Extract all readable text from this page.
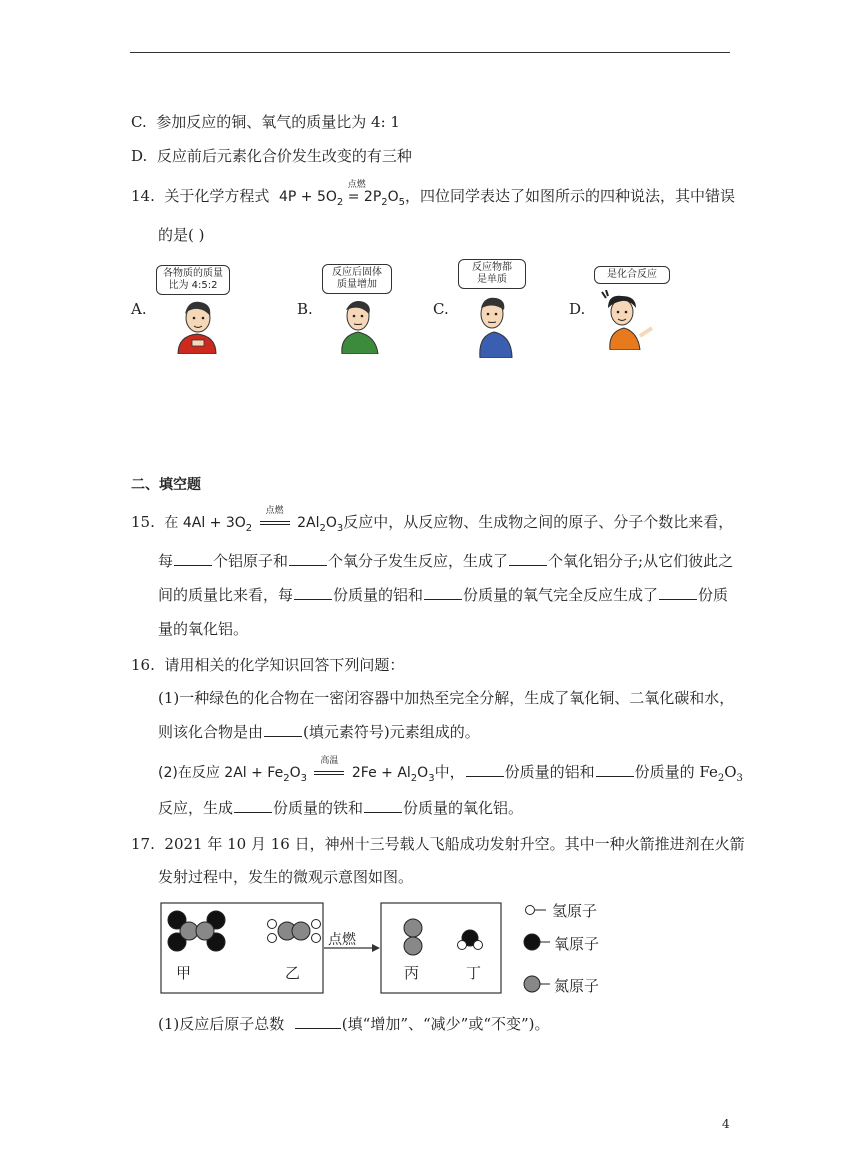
C. 参加反应的铜、氧气的质量比为 4: 1
D. 反应前后元素化合价发生改变的有三种
14. 关于化学方程式 $4P + 5O_2$ =
点燃
$2P_2O_5$，四位同学表达了如图所示的四种说法，其中错误
的是( )
A.	B.	C.	D.
各物质的质量
比为 4:5:2
反应后固体
质量增加
反应物都
是单质	是化合反应
二、填空题
15. 在 $4Al + 3O_2$
点燃
$2Al_2O_3$反应中，从反应物、生成物之间的原子、分子个数比来看，
每	个铝原子和	个氧分子发生反应，生成了	个氧化铝分子;从它们彼此之
间的质量比来看，每	份质量的铝和	份质量的氧气完全反应生成了	份质
量的氧化铝。
16. 请用相关的化学知识回答下列问题：
(1)一种绿色的化合物在一密闭容器中加热至完全分解，生成了氧化铜、二氧化碳和水，
则该化合物是由	(填元素符号)元素组成的。
(2)在反应 $2Al + Fe_2O_3$
高温
$2Fe + Al_2O_3$中，	份质量的铝和	份质量的 $Fe_2O_3$
反应，生成	份质量的铁和	份质量的氧化铝。
17. 2021 年 10 月 16 日，神州十三号载人飞船成功发射升空。其中一种火箭推进剂在火箭
发射过程中，发生的微观示意图如图。
甲	乙
点燃
丙	丁
氢原子
氧原子
氮原子
(1)反应后原子总数	(填“增加”、“减少”或“不变”)。
4
